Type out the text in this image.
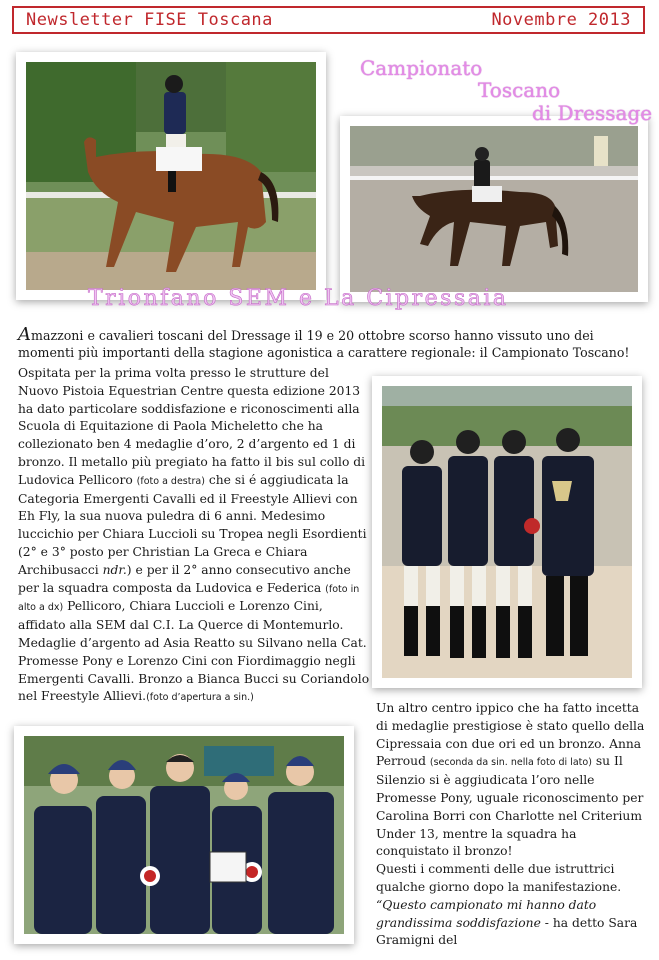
Newsletter FISE Toscana	Novembre 2013
Campionato
Toscano
di Dressage
Trionfano SEM e La Cipressaia

Amazzoni e cavalieri toscani del Dressage il 19 e 20 ottobre scorso hanno vissuto uno dei momenti più importanti della stagione agonistica a carattere regionale: il Campionato Toscano!

Ospitata per la prima volta presso le strutture del Nuovo Pistoia Equestrian Centre questa edizione 2013 ha dato particolare soddisfazione e riconoscimenti alla Scuola di Equitazione di Paola Micheletto che ha collezionato ben 4 medaglie d’oro, 2 d’argento ed 1 di bronzo. Il metallo più pregiato ha fatto il bis sul collo di Ludovica Pellicoro (foto a destra) che si é aggiudicata la Categoria Emergenti Cavalli ed il Freestyle Allievi con Eh Fly, la sua nuova puledra di 6 anni. Medesimo luccichio per Chiara Luccioli su Tropea negli Esordienti (2° e 3° posto per Christian La Greca e Chiara Archibusacci ndr.) e per il 2° anno consecutivo anche per la squadra composta da Ludovica e Federica (foto in alto a dx) Pellicoro, Chiara Luccioli e Lorenzo Cini, affidato alla SEM dal C.I. La Querce di Montemurlo. Medaglie d’argento ad Asia Reatto su Silvano nella Cat. Promesse Pony e Lorenzo Cini con Fiordimaggio negli Emergenti Cavalli. Bronzo a Bianca Bucci su Coriandolo nel Freestyle Allievi.(foto d’apertura a sin.)

Un altro centro ippico che ha fatto incetta di medaglie prestigiose è stato quello della Cipressaia con due ori ed un bronzo. Anna Perroud (seconda da sin. nella foto di lato) su Il Silenzio si è aggiudicata l’oro nelle Promesse Pony, uguale riconoscimento per Carolina Borri con Charlotte nel Criterium Under 13, mentre la squadra ha conquistato il bronzo!
Questi i commenti delle due istruttrici qualche giorno dopo la manifestazione.
“Questo campionato mi hanno dato grandissima soddisfazione - ha detto Sara Gramigni del
